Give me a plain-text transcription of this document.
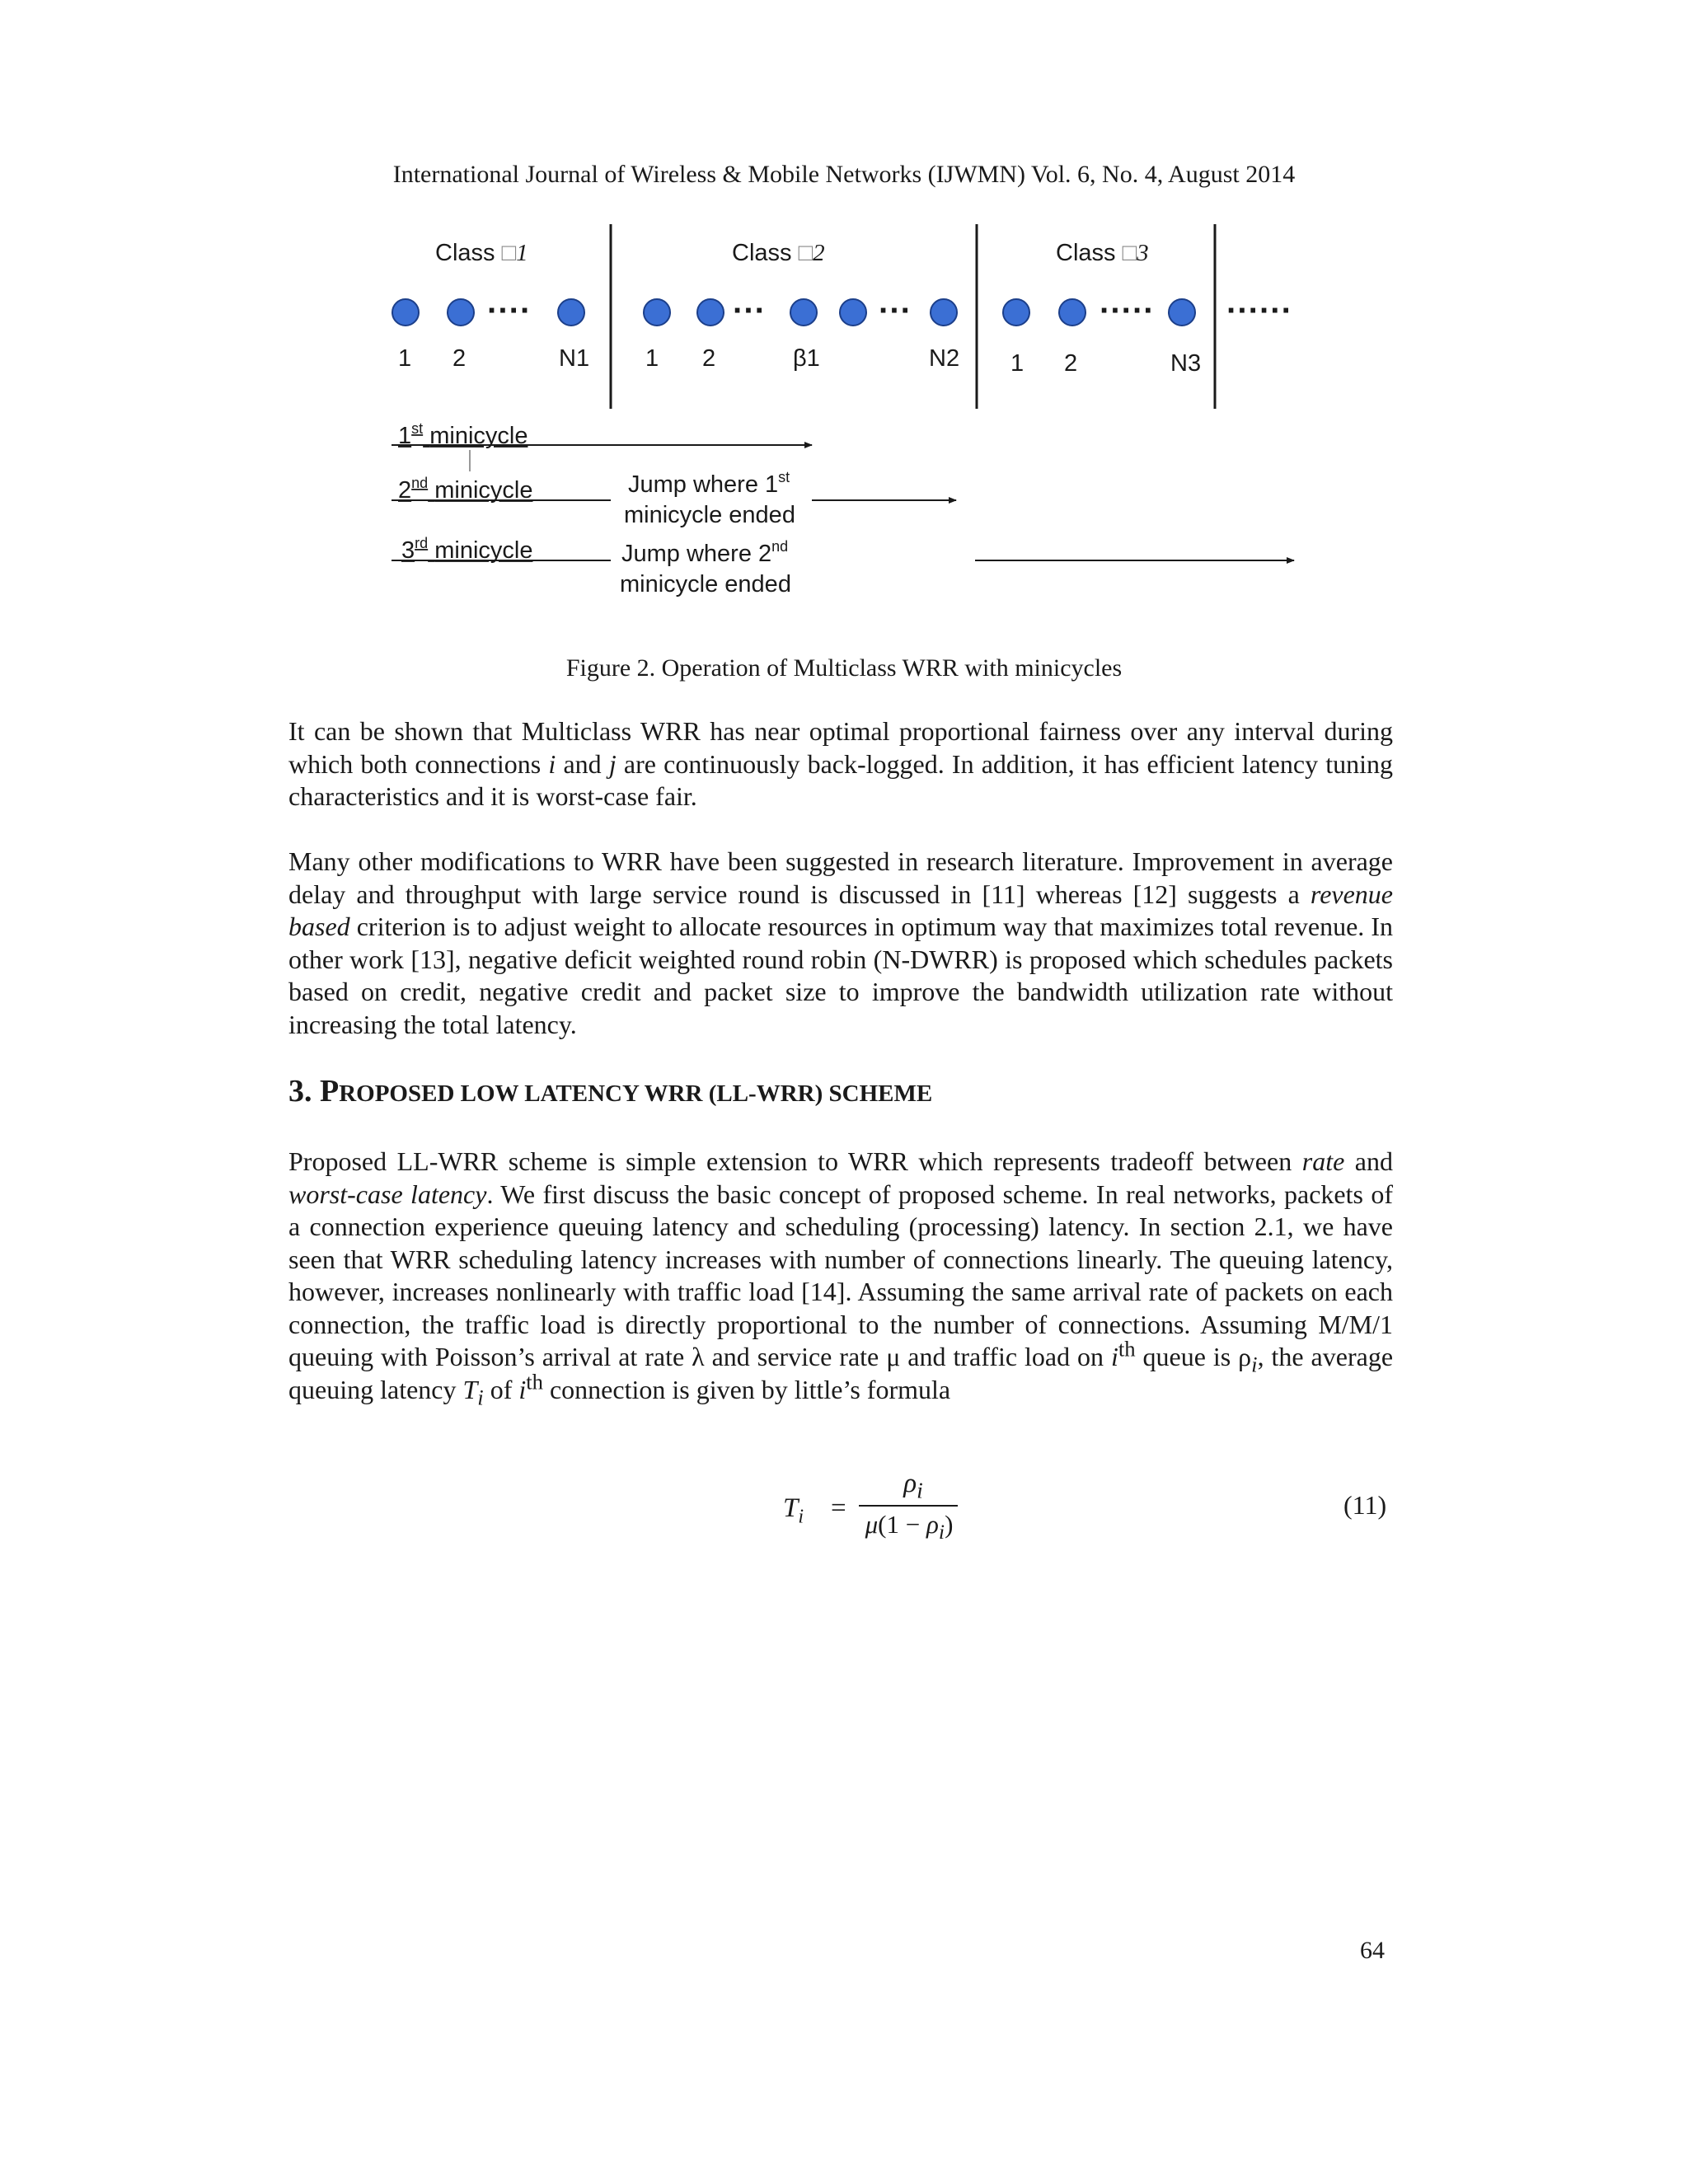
International Journal of Wireless & Mobile Networks (IJWMN) Vol. 6, No. 4, August 2014
Class □1	Class □2	Class □3
····	···	···	····· ······
1 2	N1 1 2	β1	N2 1 2	N3
1st minicycle
2nd minicycle	Jump where 1st
minicycle ended
3rd minicycle	Jump where 2nd
minicycle ended
Figure 2. Operation of Multiclass WRR with minicycles

It can be shown that Multiclass WRR has near optimal proportional fairness over any interval during which both connections i and j are continuously back-logged. In addition, it has efficient latency tuning characteristics and it is worst-case fair.

Many other modifications to WRR have been suggested in research literature. Improvement in average delay and throughput with large service round is discussed in [11] whereas [12] suggests a revenue based criterion is to adjust weight to allocate resources in optimum way that maximizes total revenue. In other work [13], negative deficit weighted round robin (N-DWRR) is proposed which schedules packets based on credit, negative credit and packet size to improve the bandwidth utilization rate without increasing the total latency.

3. PROPOSED LOW LATENCY WRR (LL-WRR) SCHEME

Proposed LL-WRR scheme is simple extension to WRR which represents tradeoff between rate and worst-case latency. We first discuss the basic concept of proposed scheme. In real networks, packets of a connection experience queuing latency and scheduling (processing) latency. In section 2.1, we have seen that WRR scheduling latency increases with number of connections linearly. The queuing latency, however, increases nonlinearly with traffic load [14]. Assuming the same arrival rate of packets on each connection, the traffic load is directly proportional to the number of connections. Assuming M/M/1 queuing with Poisson’s arrival at rate λ and service rate μ and traffic load on $i^{th}$ queue is $\rho_i$, the average queuing latency $T_i$ of $i^{th}$ connection is given by little’s formula

$T_i$ =
$\rho_i$
$\mu(1 - \rho_i)$
(11)
64
